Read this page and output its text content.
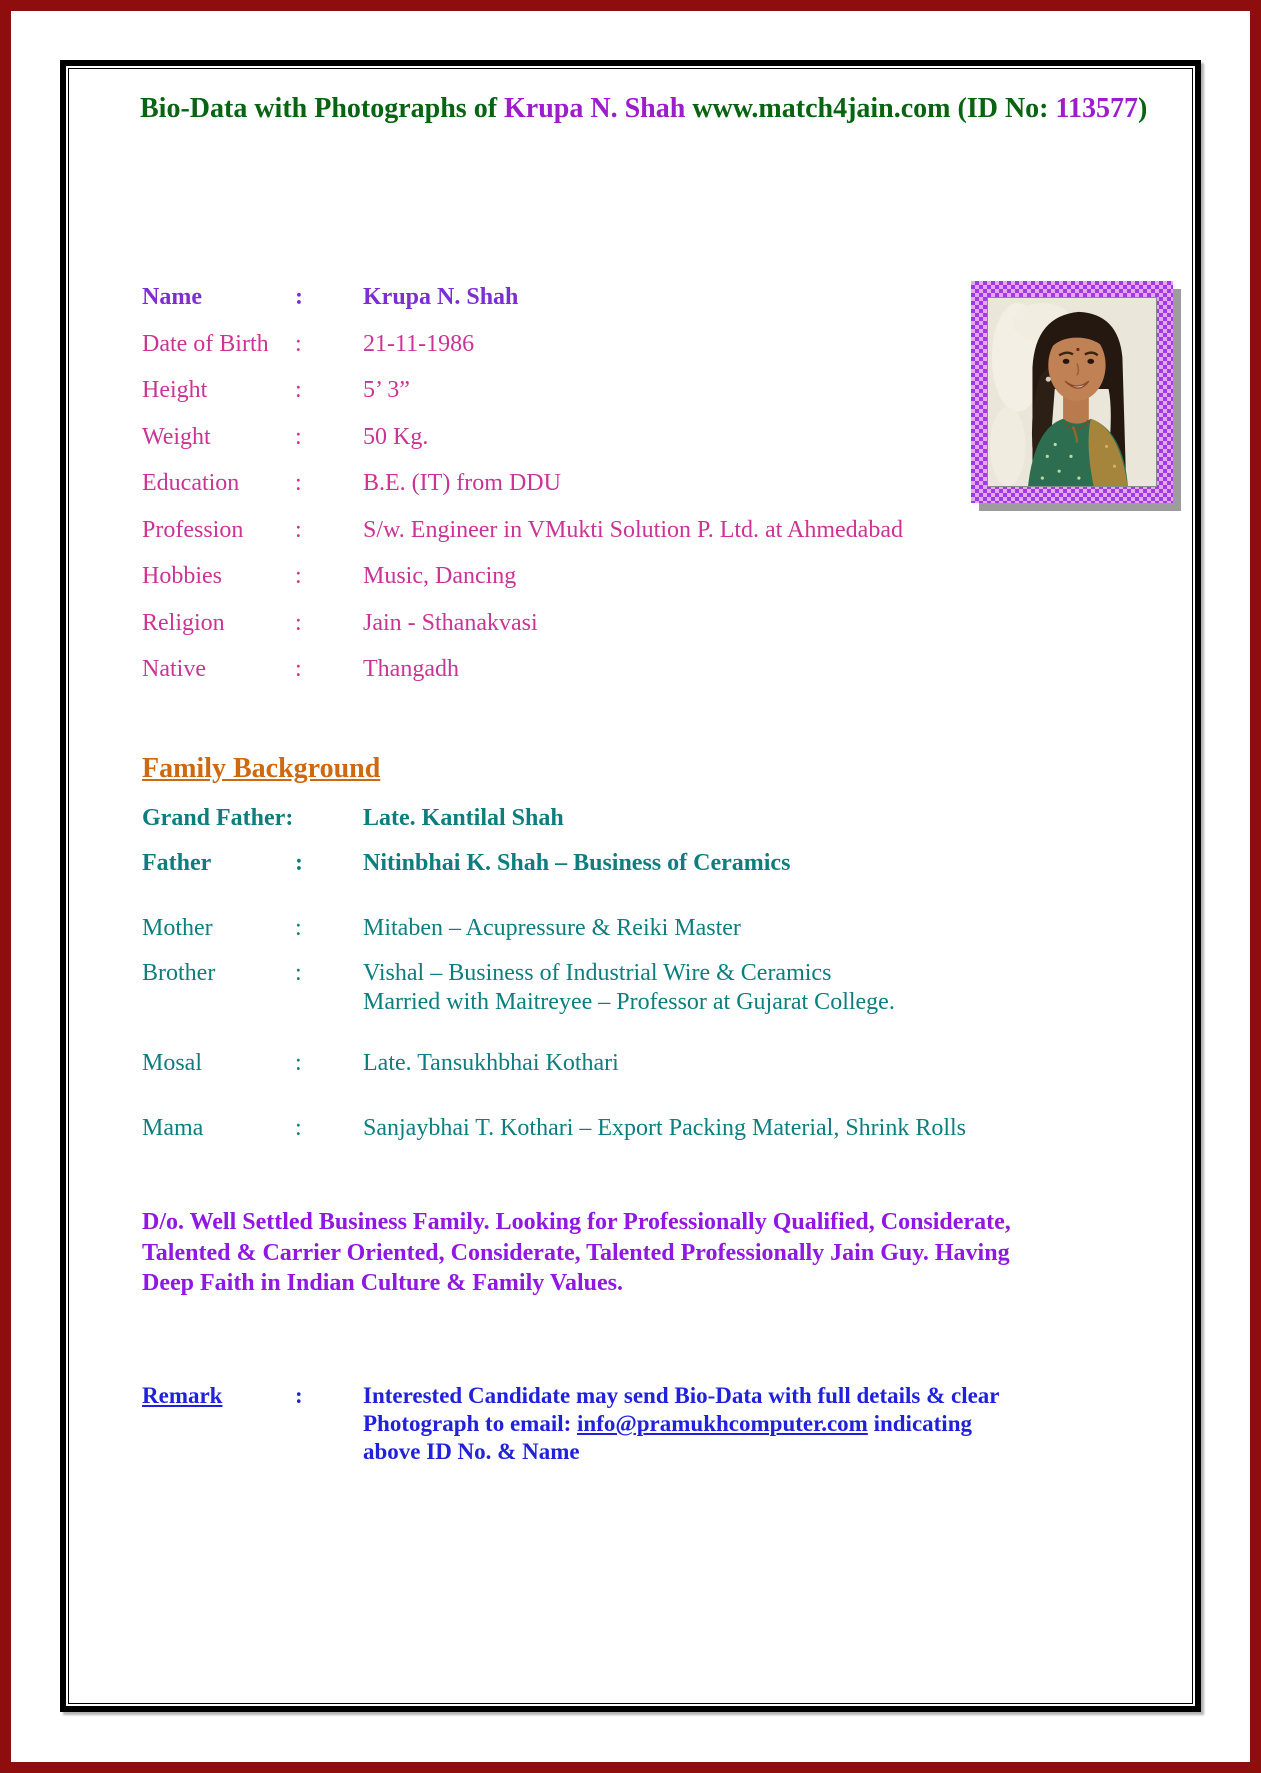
Bio-Data with Photographs of Krupa N. Shah www.match4jain.com (ID No: 113577)
Name	:	Krupa N. Shah
Date of Birth	:	21-11-1986
Height	:	5’ 3”
Weight	:	50 Kg.
Education	:	B.E. (IT) from DDU
Profession	:	S/w. Engineer in VMukti Solution P. Ltd. at Ahmedabad
Hobbies	:	Music, Dancing
Religion	:	Jain - Sthanakvasi
Native	:	Thangadh
Family Background
Grand Father:	Late. Kantilal Shah
Father	:	Nitinbhai K. Shah – Business of Ceramics
Mother	:	Mitaben – Acupressure & Reiki Master
Brother	:	Vishal – Business of Industrial Wire & Ceramics
Married with Maitreyee – Professor at Gujarat College.
Mosal	:	Late. Tansukhbhai Kothari
Mama	:	Sanjaybhai T. Kothari – Export Packing Material, Shrink Rolls
D/o. Well Settled Business Family. Looking for Professionally Qualified, Considerate, Talented & Carrier Oriented, Considerate, Talented Professionally Jain Guy. Having Deep Faith in Indian Culture & Family Values.
Remark	:	Interested Candidate may send Bio-Data with full details & clear Photograph to email: info@pramukhcomputer.com indicating above ID No. & Name
